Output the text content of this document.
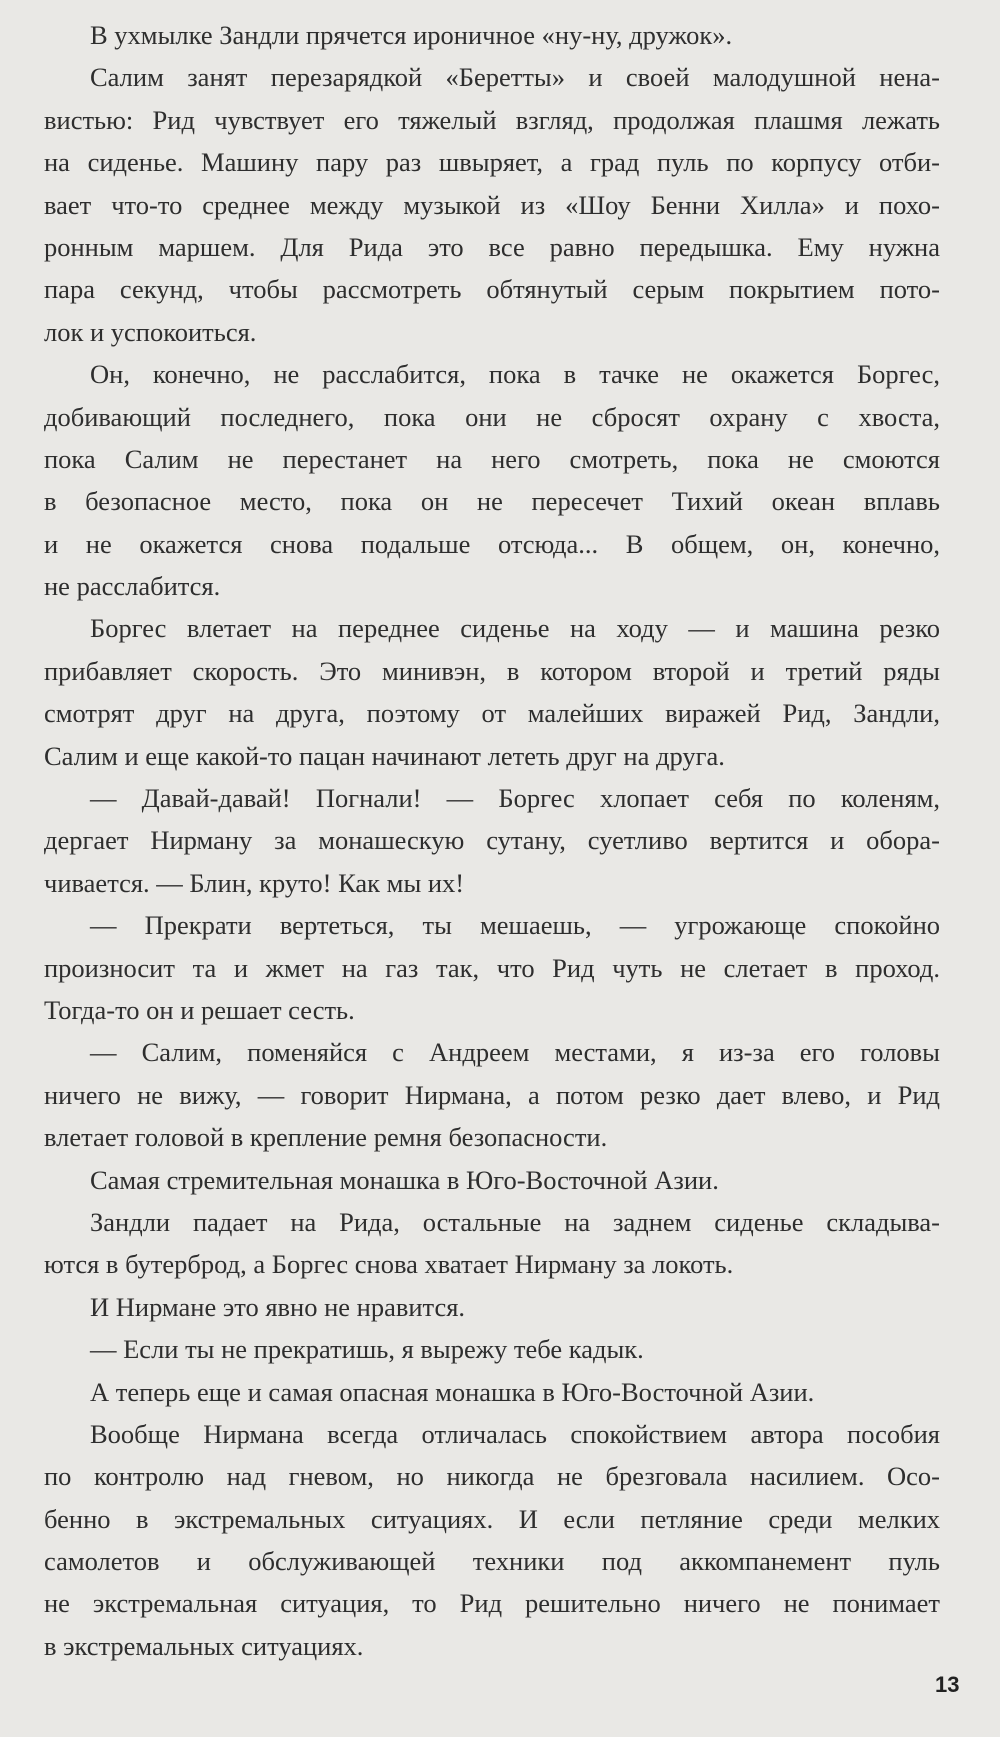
В ухмылке Зандли прячется ироничное «ну-ну, дружок».
Салим занят перезарядкой «Беретты» и своей малодушной нена-
вистью: Рид чувствует его тяжелый взгляд, продолжая плашмя лежать
на сиденье. Машину пару раз швыряет, а град пуль по корпусу отби-
вает что-то среднее между музыкой из «Шоу Бенни Хилла» и похо-
ронным маршем. Для Рида это все равно передышка. Ему нужна
пара секунд, чтобы рассмотреть обтянутый серым покрытием пото-
лок и успокоиться.
Он, конечно, не расслабится, пока в тачке не окажется Боргес,
добивающий последнего, пока они не сбросят охрану с хвоста,
пока Салим не перестанет на него смотреть, пока не смоются
в безопасное место, пока он не пересечет Тихий океан вплавь
и не окажется снова подальше отсюда... В общем, он, конечно,
не расслабится.
Боргес влетает на переднее сиденье на ходу — и машина резко
прибавляет скорость. Это минивэн, в котором второй и третий ряды
смотрят друг на друга, поэтому от малейших виражей Рид, Зандли,
Салим и еще какой-то пацан начинают лететь друг на друга.
— Давай-давай! Погнали! — Боргес хлопает себя по коленям,
дергает Нирману за монашескую сутану, суетливо вертится и обора-
чивается. — Блин, круто! Как мы их!
— Прекрати вертеться, ты мешаешь, — угрожающе спокойно
произносит та и жмет на газ так, что Рид чуть не слетает в проход.
Тогда-то он и решает сесть.
— Салим, поменяйся с Андреем местами, я из-за его головы
ничего не вижу, — говорит Нирмана, а потом резко дает влево, и Рид
влетает головой в крепление ремня безопасности.
Самая стремительная монашка в Юго-Восточной Азии.
Зандли падает на Рида, остальные на заднем сиденье складыва-
ются в бутерброд, а Боргес снова хватает Нирману за локоть.
И Нирмане это явно не нравится.
— Если ты не прекратишь, я вырежу тебе кадык.
А теперь еще и самая опасная монашка в Юго-Восточной Азии.
Вообще Нирмана всегда отличалась спокойствием автора пособия
по контролю над гневом, но никогда не брезговала насилием. Осо-
бенно в экстремальных ситуациях. И если петляние среди мелких
самолетов и обслуживающей техники под аккомпанемент пуль
не экстремальная ситуация, то Рид решительно ничего не понимает
в экстремальных ситуациях.
13
